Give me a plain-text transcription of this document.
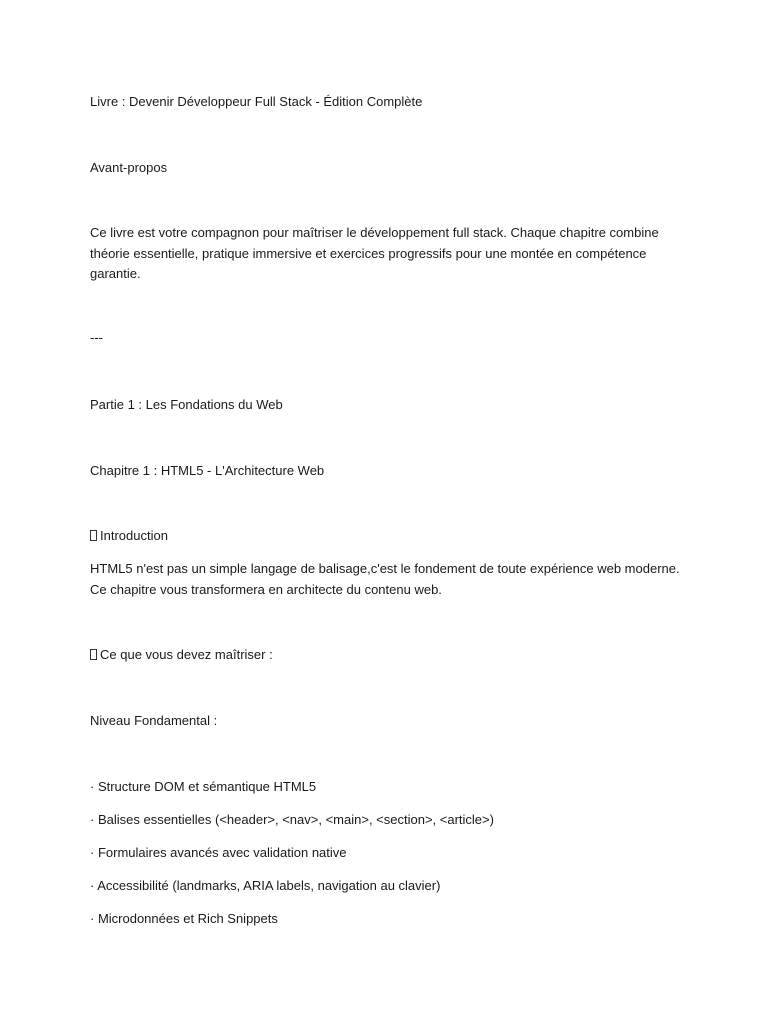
Livre : Devenir Développeur Full Stack - Édition Complète
Avant-propos
Ce livre est votre compagnon pour maîtriser le développement full stack. Chaque chapitre combine
théorie essentielle, pratique immersive et exercices progressifs pour une montée en compétence
garantie.
---
Partie 1 : Les Fondations du Web
Chapitre 1 : HTML5 - L'Architecture Web
Introduction
HTML5 n'est pas un simple langage de balisage,c'est le fondement de toute expérience web moderne.
Ce chapitre vous transformera en architecte du contenu web.
Ce que vous devez maîtriser :
Niveau Fondamental :
· Structure DOM et sémantique HTML5
· Balises essentielles (<header>, <nav>, <main>, <section>, <article>)
· Formulaires avancés avec validation native
· Accessibilité (landmarks, ARIA labels, navigation au clavier)
· Microdonnées et Rich Snippets
